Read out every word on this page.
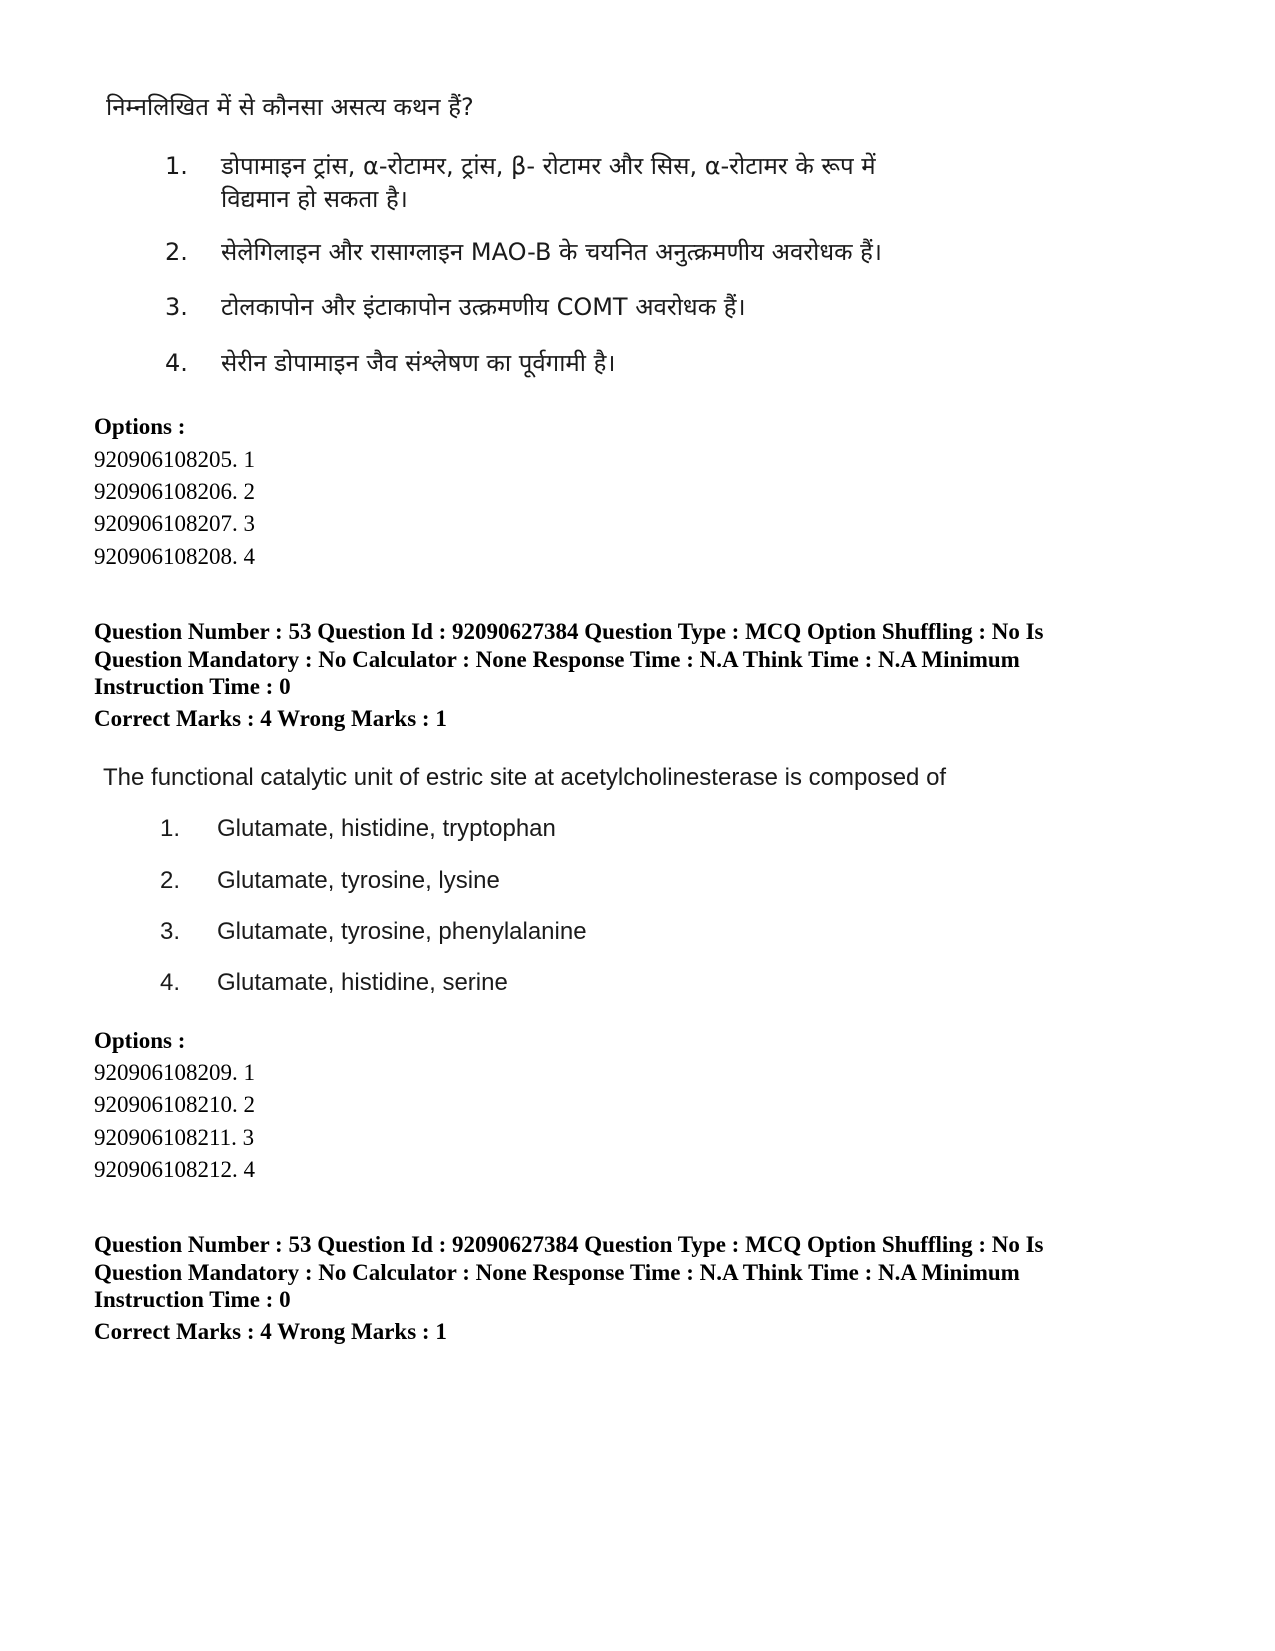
निम्नलिखित में से कौनसा असत्य कथन हैं?

1. डोपामाइन ट्रांस, α-रोटामर, ट्रांस, β- रोटामर और सिस, α-रोटामर के रूप में विद्यमान हो सकता है।
2. सेलेगिलाइन और रासाग्लाइन MAO-B के चयनित अनुत्क्रमणीय अवरोधक हैं।
3. टोलकापोन और इंटाकापोन उत्क्रमणीय COMT अवरोधक हैं।
4. सेरीन डोपामाइन जैव संश्लेषण का पूर्वगामी है।

Options :

920906108205. 1

920906108206. 2

920906108207. 3

920906108208. 4

Question Number : 53 Question Id : 92090627384 Question Type : MCQ Option Shuffling : No Is
Question Mandatory : No Calculator : None Response Time : N.A Think Time : N.A Minimum
Instruction Time : 0

Correct Marks : 4 Wrong Marks : 1

The functional catalytic unit of estric site at acetylcholinesterase is composed of

1. Glutamate, histidine, tryptophan
2. Glutamate, tyrosine, lysine
3. Glutamate, tyrosine, phenylalanine
4. Glutamate, histidine, serine

Options :

920906108209. 1

920906108210. 2

920906108211. 3

920906108212. 4

Question Number : 53 Question Id : 92090627384 Question Type : MCQ Option Shuffling : No Is
Question Mandatory : No Calculator : None Response Time : N.A Think Time : N.A Minimum
Instruction Time : 0

Correct Marks : 4 Wrong Marks : 1
